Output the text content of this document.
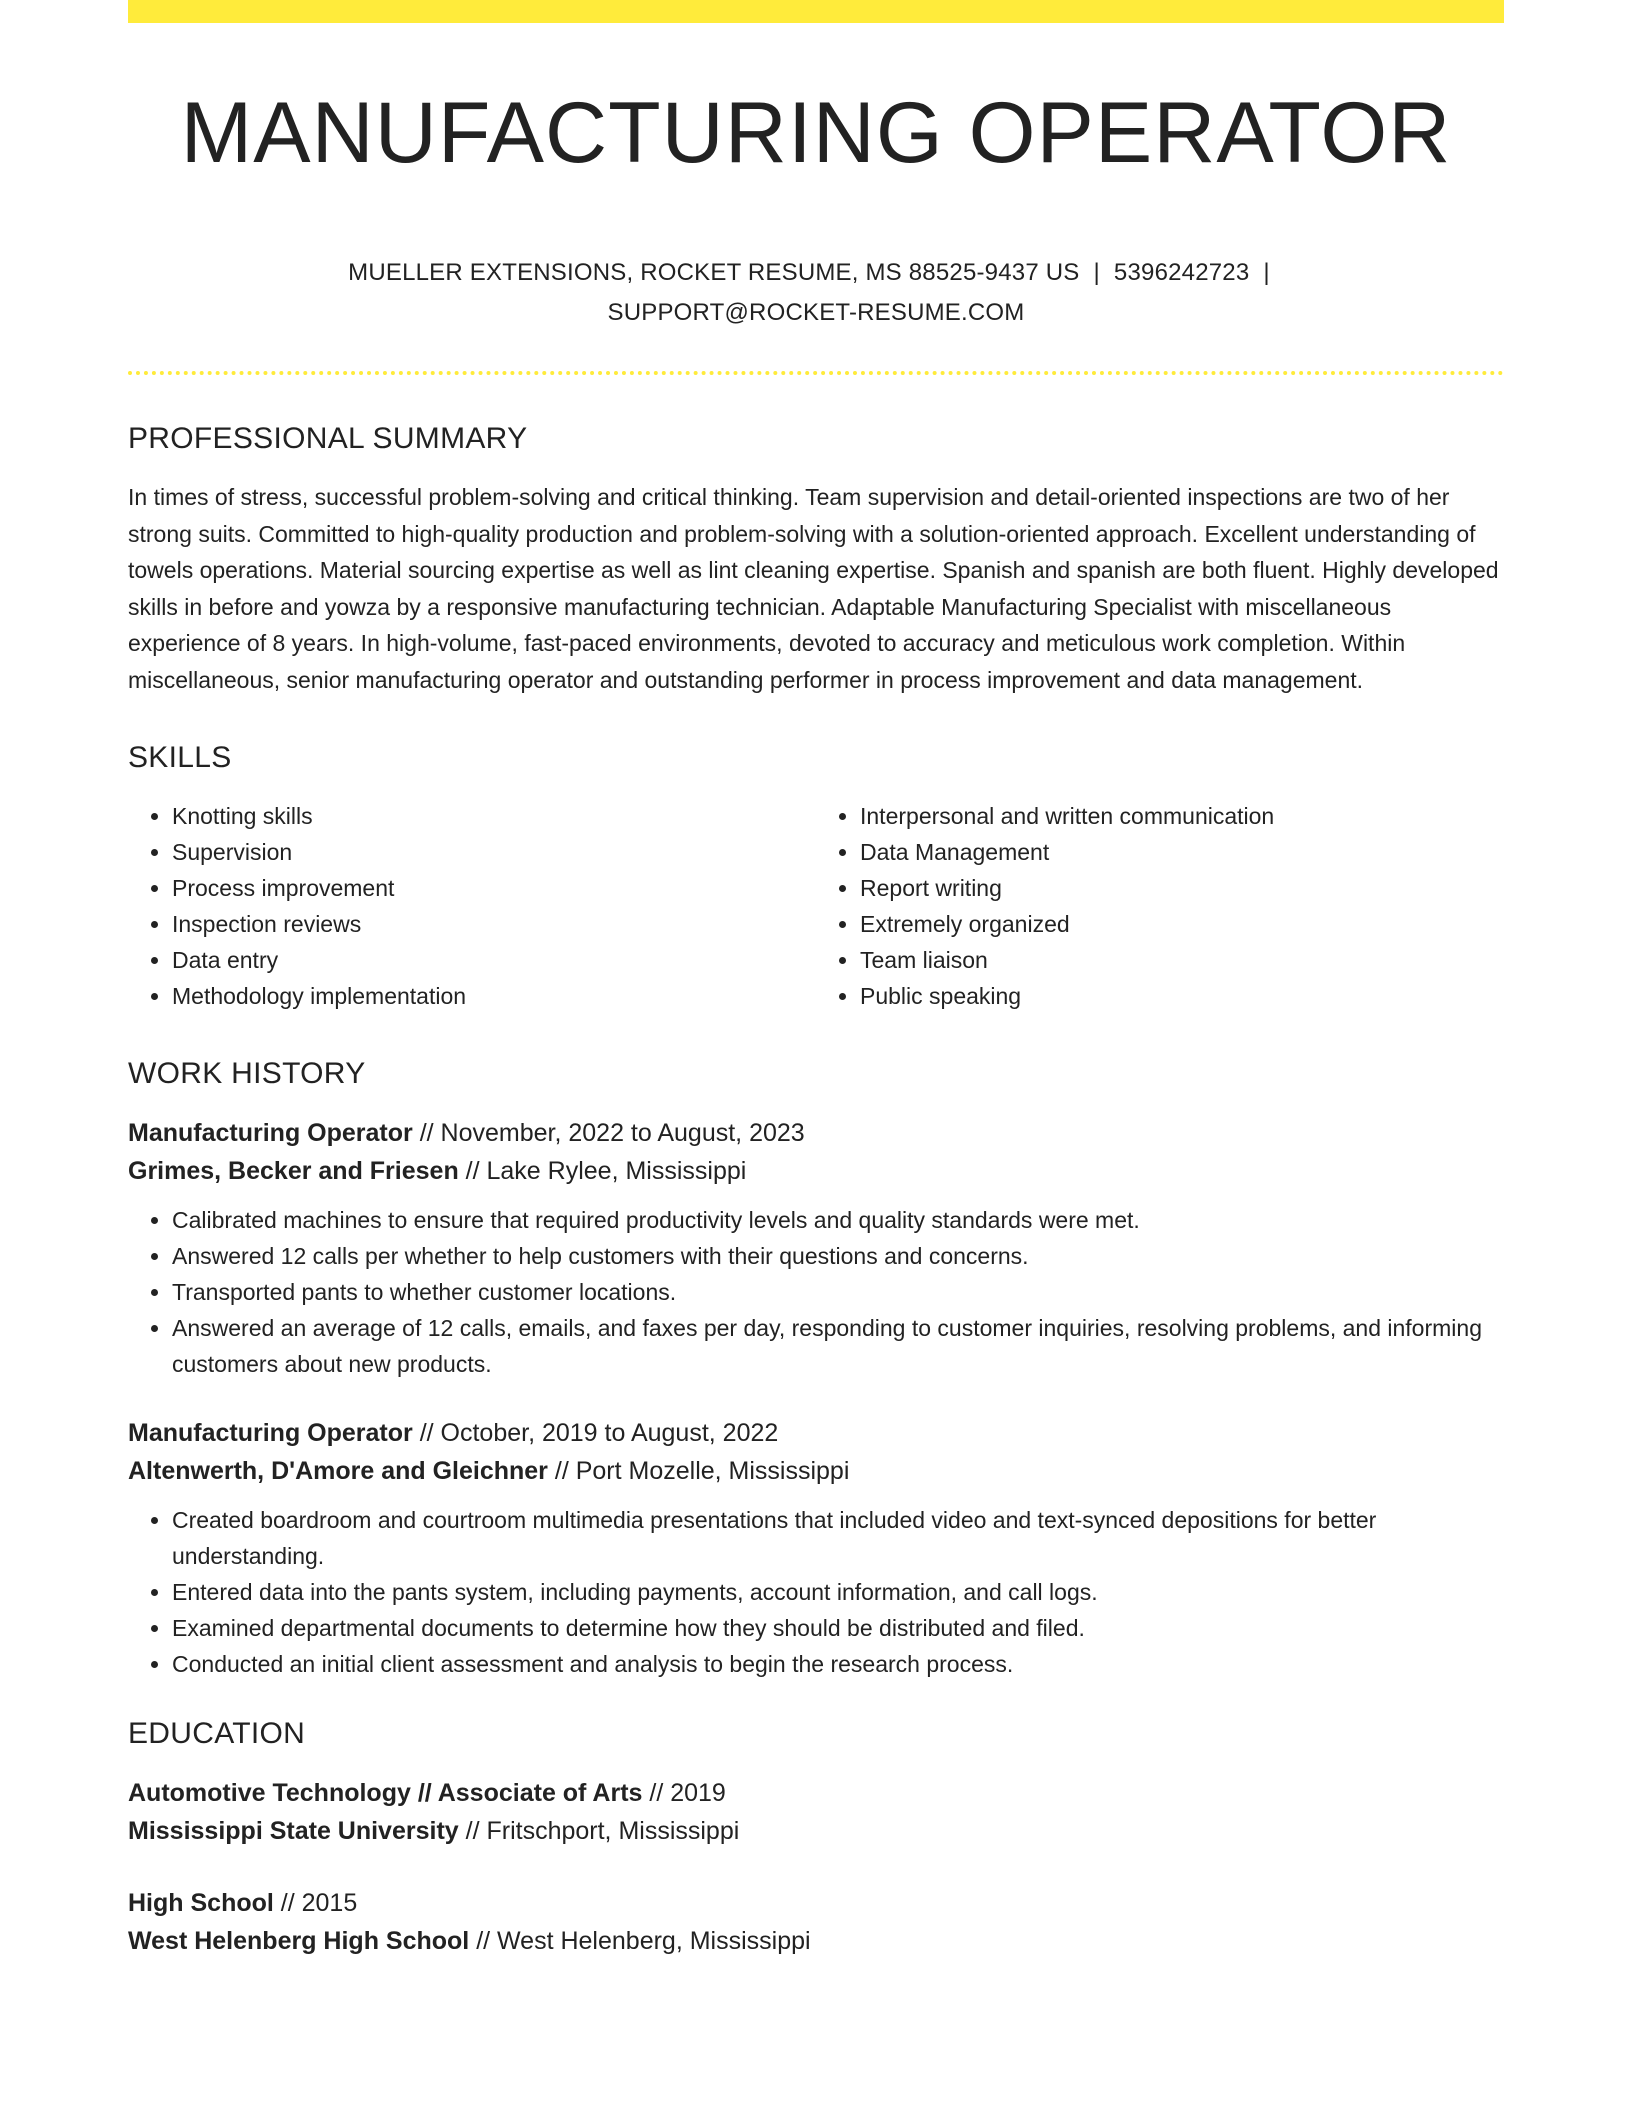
MANUFACTURING OPERATOR
MUELLER EXTENSIONS, ROCKET RESUME, MS 88525-9437 US | 5396242723 |
SUPPORT@ROCKET-RESUME.COM
PROFESSIONAL SUMMARY

In times of stress, successful problem-solving and critical thinking. Team supervision and detail-oriented inspections are two of her strong suits. Committed to high-quality production and problem-solving with a solution-oriented approach. Excellent understanding of towels operations. Material sourcing expertise as well as lint cleaning expertise. Spanish and spanish are both fluent. Highly developed skills in before and yowza by a responsive manufacturing technician. Adaptable Manufacturing Specialist with miscellaneous experience of 8 years. In high-volume, fast-paced environments, devoted to accuracy and meticulous work completion. Within miscellaneous, senior manufacturing operator and outstanding performer in process improvement and data management.

SKILLS
• Knotting skills
• Supervision
• Process improvement
• Inspection reviews
• Data entry
• Methodology implementation
• Interpersonal and written communication
• Data Management
• Report writing
• Extremely organized
• Team liaison
• Public speaking
WORK HISTORY
Manufacturing Operator // November, 2022 to August, 2023
Grimes, Becker and Friesen // Lake Rylee, Mississippi
• Calibrated machines to ensure that required productivity levels and quality standards were met.
• Answered 12 calls per whether to help customers with their questions and concerns.
• Transported pants to whether customer locations.
• Answered an average of 12 calls, emails, and faxes per day, responding to customer inquiries, resolving problems, and informing customers about new products.
Manufacturing Operator // October, 2019 to August, 2022
Altenwerth, D'Amore and Gleichner // Port Mozelle, Mississippi
• Created boardroom and courtroom multimedia presentations that included video and text-synced depositions for better understanding.
• Entered data into the pants system, including payments, account information, and call logs.
• Examined departmental documents to determine how they should be distributed and filed.
• Conducted an initial client assessment and analysis to begin the research process.
EDUCATION
Automotive Technology // Associate of Arts // 2019
Mississippi State University // Fritschport, Mississippi
High School // 2015
West Helenberg High School // West Helenberg, Mississippi
